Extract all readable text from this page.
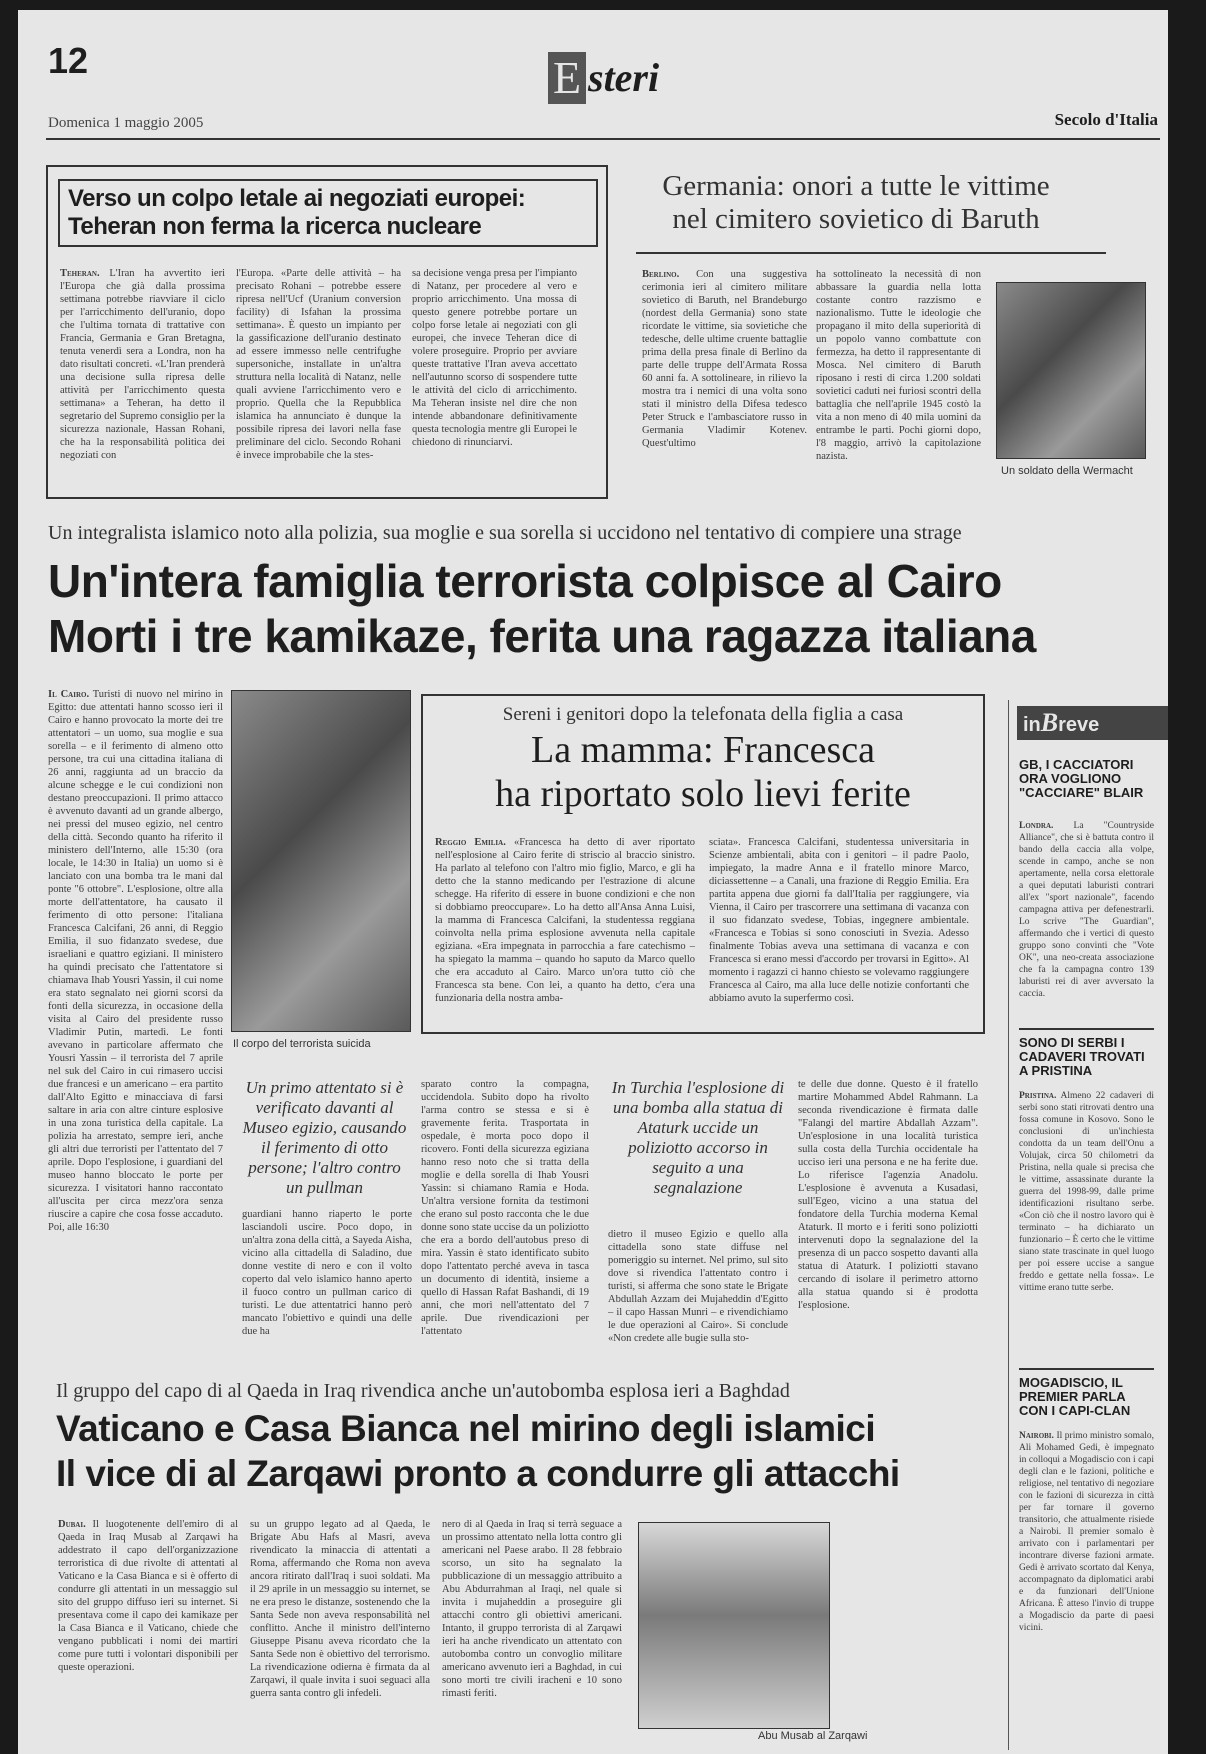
12	E steri
Domenica 1 maggio 2005	Secolo d'Italia
Verso un colpo letale ai negoziati europei:
Teheran non ferma la ricerca nucleare
Teheran. L'Iran ha avvertito ieri l'Europa che già dalla prossima settimana potrebbe riavviare il ciclo per l'arricchimento dell'uranio, dopo che l'ultima tornata di trattative con Francia, Germania e Gran Bretagna, tenuta venerdì sera a Londra, non ha dato risultati concreti. «L'Iran prenderà una decisione sulla ripresa delle attività per l'arricchimento questa settimana» a Teheran, ha detto il segretario del Supremo consiglio per la sicurezza nazionale, Hassan Rohani, che ha la responsabilità politica dei negoziati con
l'Europa. «Parte delle attività – ha precisato Rohani – potrebbe essere ripresa nell'Ucf (Uranium conversion facility) di Isfahan la prossima settimana». È questo un impianto per la gassificazione dell'uranio destinato ad essere immesso nelle centrifughe supersoniche, installate in un'altra struttura nella località di Natanz, nelle quali avviene l'arricchimento vero e proprio. Quella che la Repubblica islamica ha annunciato è dunque la possibile ripresa dei lavori nella fase preliminare del ciclo. Secondo Rohani è invece improbabile che la stes-
sa decisione venga presa per l'impianto di Natanz, per procedere al vero e proprio arricchimento. Una mossa di questo genere potrebbe portare un colpo forse letale ai negoziati con gli europei, che invece Teheran dice di volere proseguire. Proprio per avviare queste trattative l'Iran aveva accettato nell'autunno scorso di sospendere tutte le attività del ciclo di arricchimento. Ma Teheran insiste nel dire che non intende abbandonare definitivamente questa tecnologia mentre gli Europei le chiedono di rinunciarvi.
Germania: onori a tutte le vittime nel cimitero sovietico di Baruth
Berlino. Con una suggestiva cerimonia ieri al cimitero militare sovietico di Baruth, nel Brandeburgo (nordest della Germania) sono state ricordate le vittime, sia sovietiche che tedesche, delle ultime cruente battaglie prima della presa finale di Berlino da parte delle truppe dell'Armata Rossa 60 anni fa. A sottolineare, in rilievo la mostra tra i nemici di una volta sono stati il ministro della Difesa tedesco Peter Struck e l'ambasciatore russo in Germania Vladimir Kotenev. Quest'ultimo
ha sottolineato la necessità di non abbassare la guardia nella lotta costante contro razzismo e nazionalismo. Tutte le ideologie che propagano il mito della superiorità di un popolo vanno combattute con fermezza, ha detto il rappresentante di Mosca. Nel cimitero di Baruth riposano i resti di circa 1.200 soldati sovietici caduti nei furiosi scontri della battaglia che nell'aprile 1945 costò la vita a non meno di 40 mila uomini da entrambe le parti. Pochi giorni dopo, l'8 maggio, arrivò la capitolazione nazista.
Un soldato della Wermacht
Un integralista islamico noto alla polizia, sua moglie e sua sorella si uccidono nel tentativo di compiere una strage
Un'intera famiglia terrorista colpisce al Cairo
Morti i tre kamikaze, ferita una ragazza italiana
Il Cairo. Turisti di nuovo nel mirino in Egitto: due attentati hanno scosso ieri il Cairo e hanno provocato la morte dei tre attentatori – un uomo, sua moglie e sua sorella – e il ferimento di almeno otto persone, tra cui una cittadina italiana di 26 anni, raggiunta ad un braccio da alcune schegge e le cui condizioni non destano preoccupazioni. Il primo attacco è avvenuto davanti ad un grande albergo, nei pressi del museo egizio, nel centro della città. Secondo quanto ha riferito il ministero dell'Interno, alle 15:30 (ora locale, le 14:30 in Italia) un uomo si è lanciato con una bomba tra le mani dal ponte "6 ottobre". L'esplosione, oltre alla morte dell'attentatore, ha causato il ferimento di otto persone: l'italiana Francesca Calcifani, 26 anni, di Reggio Emilia, il suo fidanzato svedese, due israeliani e quattro egiziani. Il ministero ha quindi precisato che l'attentatore si chiamava Ihab Yousri Yassin, il cui nome era stato segnalato nei giorni scorsi da fonti della sicurezza, in occasione della visita al Cairo del presidente russo Vladimir Putin, martedì. Le fonti avevano in particolare affermato che Yousri Yassin – il terrorista del 7 aprile nel suk del Cairo in cui rimasero uccisi due francesi e un americano – era partito dall'Alto Egitto e minacciava di farsi saltare in aria con altre cinture esplosive in una zona turistica della capitale. La polizia ha arrestato, sempre ieri, anche gli altri due terroristi per l'attentato del 7 aprile. Dopo l'esplosione, i guardiani del museo hanno bloccato le porte per sicurezza. I visitatori hanno raccontato all'uscita per circa mezz'ora senza riuscire a capire che cosa fosse accaduto. Poi, alle 16:30
Il corpo del terrorista suicida
Sereni i genitori dopo la telefonata della figlia a casa
La mamma: Francesca
ha riportato solo lievi ferite
Reggio Emilia. «Francesca ha detto di aver riportato nell'esplosione al Cairo ferite di striscio al braccio sinistro. Ha parlato al telefono con l'altro mio figlio, Marco, e gli ha detto che la stanno medicando per l'estrazione di alcune schegge. Ha riferito di essere in buone condizioni e che non si dobbiamo preoccupare». Lo ha detto all'Ansa Anna Luisi, la mamma di Francesca Calcifani, la studentessa reggiana coinvolta nella prima esplosione avvenuta nella capitale egiziana. «Era impegnata in parrocchia a fare catechismo – ha spiegato la mamma – quando ho saputo da Marco quello che era accaduto al Cairo. Marco un'ora tutto ciò che Francesca sta bene. Con lei, a quanto ha detto, c'era una funzionaria della nostra amba-
sciata». Francesca Calcifani, studentessa universitaria in Scienze ambientali, abita con i genitori – il padre Paolo, impiegato, la madre Anna e il fratello minore Marco, diciassettenne – a Canali, una frazione di Reggio Emilia. Era partita appena due giorni fa dall'Italia per raggiungere, via Vienna, il Cairo per trascorrere una settimana di vacanza con il suo fidanzato svedese, Tobias, ingegnere ambientale. «Francesca e Tobias si sono conosciuti in Svezia. Adesso finalmente Tobias aveva una settimana di vacanza e con Francesca si erano messi d'accordo per trovarsi in Egitto». Al momento i ragazzi ci hanno chiesto se volevamo raggiungere Francesca al Cairo, ma alla luce delle notizie confortanti che abbiamo avuto la superfermo così.
Un primo attentato si è verificato davanti al Museo egizio, causando il ferimento di otto persone; l'altro contro un pullman
guardiani hanno riaperto le porte lasciandoli uscire. Poco dopo, in un'altra zona della città, a Sayeda Aisha, vicino alla cittadella di Saladino, due donne vestite di nero e con il volto coperto dal velo islamico hanno aperto il fuoco contro un pullman carico di turisti. Le due attentatrici hanno però mancato l'obiettivo e quindi una delle due ha
sparato contro la compagna, uccidendola. Subito dopo ha rivolto l'arma contro se stessa e si è gravemente ferita. Trasportata in ospedale, è morta poco dopo il ricovero. Fonti della sicurezza egiziana hanno reso noto che si tratta della moglie e della sorella di Ihab Yousri Yassin: si chiamano Ramia e Hoda. Un'altra versione fornita da testimoni che erano sul posto racconta che le due donne sono state uccise da un poliziotto che era a bordo dell'autobus preso di mira. Yassin è stato identificato subito dopo l'attentato perché aveva in tasca un documento di identità, insieme a quello di Hassan Rafat Bashandi, di 19 anni, che morì nell'attentato del 7 aprile. Due rivendicazioni per l'attentato
In Turchia l'esplosione di una bomba alla statua di Ataturk uccide un poliziotto accorso in seguito a una segnalazione
dietro il museo Egizio e quello alla cittadella sono state diffuse nel pomeriggio su internet. Nel primo, sul sito dove si rivendica l'attentato contro i turisti, si afferma che sono state le Brigate Abdullah Azzam dei Mujaheddin d'Egitto – il capo Hassan Munri – e rivendichiamo le due operazioni al Cairo». Si conclude «Non credete alle bugie sulla sto-
te delle due donne. Questo è il fratello martire Mohammed Abdel Rahmann. La seconda rivendicazione è firmata dalle "Falangi del martire Abdallah Azzam". Un'esplosione in una località turistica sulla costa della Turchia occidentale ha ucciso ieri una persona e ne ha ferite due. Lo riferisce l'agenzia Anadolu. L'esplosione è avvenuta a Kusadasi, sull'Egeo, vicino a una statua del fondatore della Turchia moderna Kemal Ataturk. Il morto e i feriti sono poliziotti intervenuti dopo la segnalazione del la presenza di un pacco sospetto davanti alla statua di Ataturk. I poliziotti stavano cercando di isolare il perimetro attorno alla statua quando si è prodotta l'esplosione.
inBreve
GB, I CACCIATORI ORA VOGLIONO "CACCIARE" BLAIR
Londra. La "Countryside Alliance", che si è battuta contro il bando della caccia alla volpe, scende in campo, anche se non apertamente, nella corsa elettorale a quei deputati laburisti contrari all'ex "sport nazionale", facendo campagna attiva per defenestrarli. Lo scrive "The Guardian", affermando che i vertici di questo gruppo sono convinti che "Vote OK", una neo-creata associazione che fa la campagna contro 139 laburisti rei di aver avversato la caccia.
SONO DI SERBI I CADAVERI TROVATI A PRISTINA
Pristina. Almeno 22 cadaveri di serbi sono stati ritrovati dentro una fossa comune in Kosovo. Sono le conclusioni di un'inchiesta condotta da un team dell'Onu a Volujak, circa 50 chilometri da Pristina, nella quale si precisa che le vittime, assassinate durante la guerra del 1998-99, dalle prime identificazioni risultano serbe. «Con ciò che il nostro lavoro qui è terminato – ha dichiarato un funzionario – È certo che le vittime siano state trascinate in quel luogo per poi essere uccise a sangue freddo e gettate nella fossa». Le vittime erano tutte serbe.
MOGADISCIO, IL PREMIER PARLA CON I CAPI-CLAN
Nairobi. Il primo ministro somalo, Ali Mohamed Gedi, è impegnato in colloqui a Mogadiscio con i capi degli clan e le fazioni, politiche e religiose, nel tentativo di negoziare con le fazioni di sicurezza in città per far tornare il governo transitorio, che attualmente risiede a Nairobi. Il premier somalo è arrivato con i parlamentari per incontrare diverse fazioni armate. Gedi è arrivato scortato dal Kenya, accompagnato da diplomatici arabi e da funzionari dell'Unione Africana. È atteso l'invio di truppe a Mogadiscio da parte di paesi vicini.
Il gruppo del capo di al Qaeda in Iraq rivendica anche un'autobomba esplosa ieri a Baghdad
Vaticano e Casa Bianca nel mirino degli islamici
Il vice di al Zarqawi pronto a condurre gli attacchi
Dubai. Il luogotenente dell'emiro di al Qaeda in Iraq Musab al Zarqawi ha addestrato il capo dell'organizzazione terroristica di due rivolte di attentati al Vaticano e la Casa Bianca e si è offerto di condurre gli attentati in un messaggio sul sito del gruppo diffuso ieri su internet. Si presentava come il capo dei kamikaze per la Casa Bianca e il Vaticano, chiede che vengano pubblicati i nomi dei martiri come pure tutti i volontari disponibili per queste operazioni.
su un gruppo legato ad al Qaeda, le Brigate Abu Hafs al Masri, aveva rivendicato la minaccia di attentati a Roma, affermando che Roma non aveva ancora ritirato dall'Iraq i suoi soldati. Ma il 29 aprile in un messaggio su internet, se ne era preso le distanze, sostenendo che la Santa Sede non aveva responsabilità nel conflitto. Anche il ministro dell'interno Giuseppe Pisanu aveva ricordato che la Santa Sede non è obiettivo del terrorismo. La rivendicazione odierna è firmata da al Zarqawi, il quale invita i suoi seguaci alla guerra santa contro gli infedeli.
nero di al Qaeda in Iraq si terrà seguace a un prossimo attentato nella lotta contro gli americani nel Paese arabo. Il 28 febbraio scorso, un sito ha segnalato la pubblicazione di un messaggio attribuito a Abu Abdurrahman al Iraqi, nel quale si invita i mujaheddin a proseguire gli attacchi contro gli obiettivi americani. Intanto, il gruppo terrorista di al Zarqawi ieri ha anche rivendicato un attentato con autobomba contro un convoglio militare americano avvenuto ieri a Baghdad, in cui sono morti tre civili iracheni e 10 sono rimasti feriti.
Abu Musab al Zarqawi
